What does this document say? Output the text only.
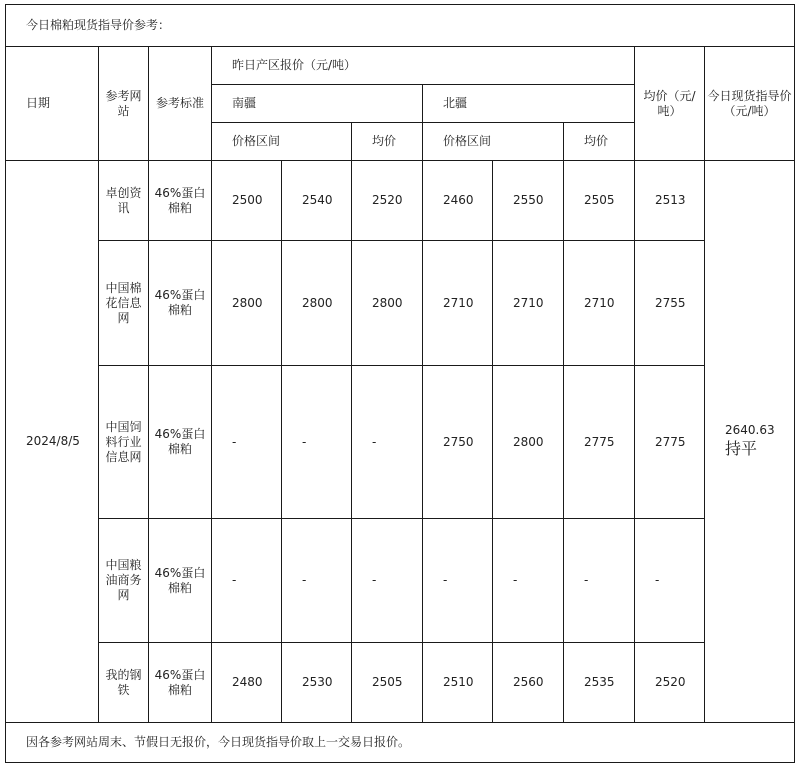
今日棉粕现货指导价参考：										
日期	参考网站	参考标准	昨日产区报价（元/吨）						均价（元/吨）	今日现货指导价（元/吨）
			南疆			北疆				
			价格区间		均价	价格区间		均价		
2024/8/5	卓创资讯	46%蛋白棉粕	2500	2540	2520	2460	2550	2505	2513	2640.63
持平

	中国棉花信息网	46%蛋白棉粕	2800	2800	2800	2710	2710	2710	2755	
	中国饲料行业信息网	46%蛋白棉粕	-	-	-	2750	2800	2775	2775	
	中国粮油商务网	46%蛋白棉粕	-	-	-	-	-	-	-	
	我的钢铁	46%蛋白棉粕	2480	2530	2505	2510	2560	2535	2520	
因各参考网站周末、节假日无报价，今日现货指导价取上一交易日报价。										
